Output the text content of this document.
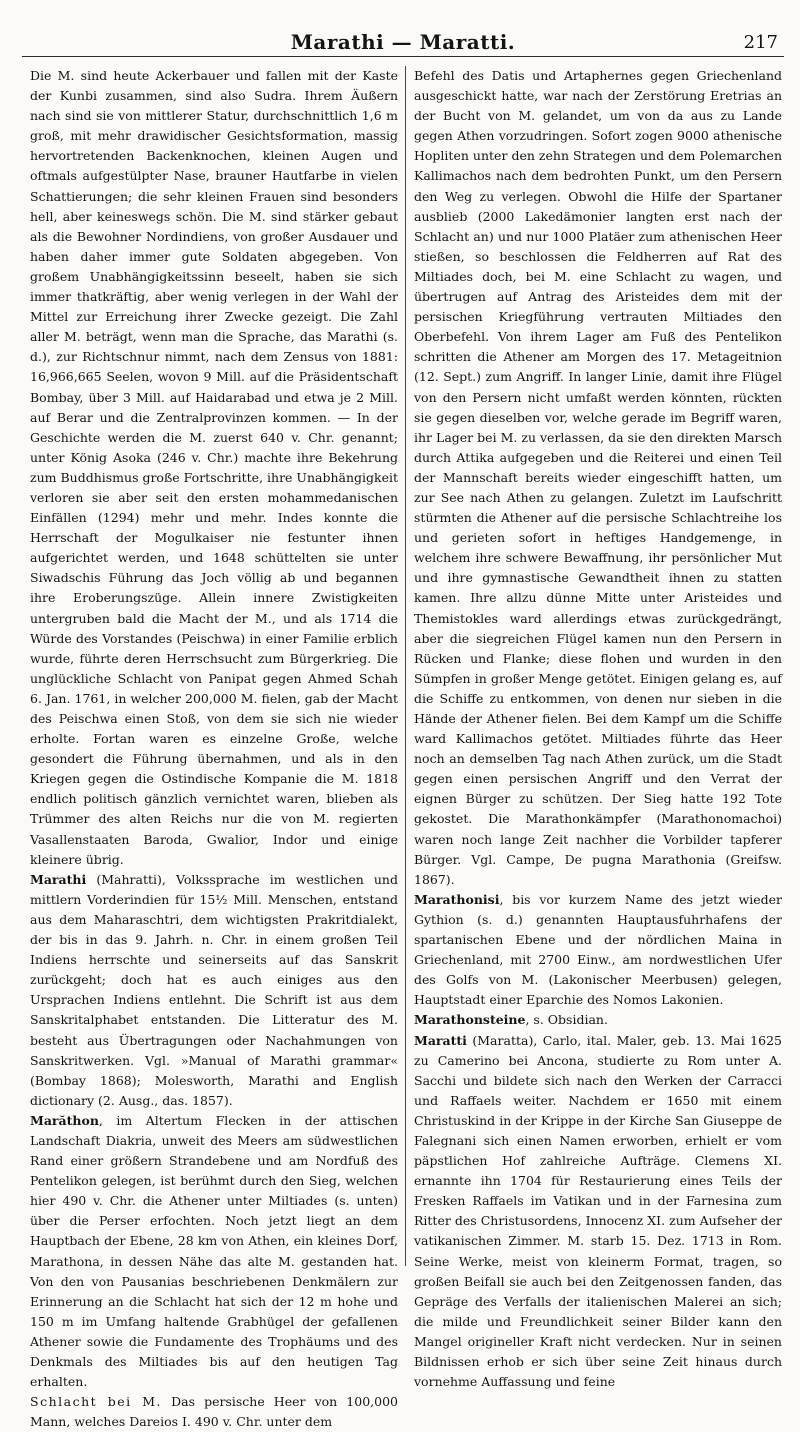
Marathi — Maratti.	217

Die M. sind heute Ackerbauer und fallen mit der Kaste der Kunbi zusammen, sind also Sudra. Ihrem Äußern nach sind sie von mittlerer Statur, durchschnittlich 1,6 m groß, mit mehr drawidischer Gesichtsformation, massig hervortretenden Backenknochen, kleinen Augen und oftmals aufgestülpter Nase, brauner Hautfarbe in vielen Schattierungen; die sehr kleinen Frauen sind besonders hell, aber keineswegs schön. Die M. sind stärker gebaut als die Bewohner Nordindiens, von großer Ausdauer und haben daher immer gute Soldaten abgegeben. Von großem Unabhängigkeitssinn beseelt, haben sie sich immer thatkräftig, aber wenig verlegen in der Wahl der Mittel zur Erreichung ihrer Zwecke gezeigt. Die Zahl aller M. beträgt, wenn man die Sprache, das Marathi (s. d.), zur Richtschnur nimmt, nach dem Zensus von 1881: 16,966,665 Seelen, wovon 9 Mill. auf die Präsidentschaft Bombay, über 3 Mill. auf Haidarabad und etwa je 2 Mill. auf Berar und die Zentralprovinzen kommen. — In der Geschichte werden die M. zuerst 640 v. Chr. genannt; unter König Asoka (246 v. Chr.) machte ihre Bekehrung zum Buddhismus große Fortschritte, ihre Unabhängigkeit verloren sie aber seit den ersten mohammedanischen Einfällen (1294) mehr und mehr. Indes konnte die Herrschaft der Mogulkaiser nie festunter ihnen aufgerichtet werden, und 1648 schüttelten sie unter Siwadschis Führung das Joch völlig ab und begannen ihre Eroberungszüge. Allein innere Zwistigkeiten untergruben bald die Macht der M., und als 1714 die Würde des Vorstandes (Peischwa) in einer Familie erblich wurde, führte deren Herrschsucht zum Bürgerkrieg. Die unglückliche Schlacht von Panipat gegen Ahmed Schah 6. Jan. 1761, in welcher 200,000 M. fielen, gab der Macht des Peischwa einen Stoß, von dem sie sich nie wieder erholte. Fortan waren es einzelne Große, welche gesondert die Führung übernahmen, und als in den Kriegen gegen die Ostindische Kompanie die M. 1818 endlich politisch gänzlich vernichtet waren, blieben als Trümmer des alten Reichs nur die von M. regierten Vasallenstaaten Baroda, Gwalior, Indor und einige kleinere übrig.

Marathi (Mahratti), Volkssprache im westlichen und mittlern Vorderindien für 15½ Mill. Menschen, entstand aus dem Maharaschtri, dem wichtigsten Prakritdialekt, der bis in das 9. Jahrh. n. Chr. in einem großen Teil Indiens herrschte und seinerseits auf das Sanskrit zurückgeht; doch hat es auch einiges aus den Ursprachen Indiens entlehnt. Die Schrift ist aus dem Sanskritalphabet entstanden. Die Litteratur des M. besteht aus Übertragungen oder Nachahmungen von Sanskritwerken. Vgl. »Manual of Marathi grammar« (Bombay 1868); Molesworth, Marathi and English dictionary (2. Ausg., das. 1857).

Marăthon, im Altertum Flecken in der attischen Landschaft Diakria, unweit des Meers am südwestlichen Rand einer größern Strandebene und am Nordfuß des Pentelikon gelegen, ist berühmt durch den Sieg, welchen hier 490 v. Chr. die Athener unter Miltiades (s. unten) über die Perser erfochten. Noch jetzt liegt an dem Hauptbach der Ebene, 28 km von Athen, ein kleines Dorf, Marathona, in dessen Nähe das alte M. gestanden hat. Von den von Pausanias beschriebenen Denkmälern zur Erinnerung an die Schlacht hat sich der 12 m hohe und 150 m im Umfang haltende Grabhügel der gefallenen Athener sowie die Fundamente des Trophäums und des Denkmals des Miltiades bis auf den heutigen Tag erhalten.

Schlacht bei M. Das persische Heer von 100,000 Mann, welches Dareios I. 490 v. Chr. unter dem

Befehl des Datis und Artaphernes gegen Griechenland ausgeschickt hatte, war nach der Zerstörung Eretrias an der Bucht von M. gelandet, um von da aus zu Lande gegen Athen vorzudringen. Sofort zogen 9000 athenische Hopliten unter den zehn Strategen und dem Polemarchen Kallimachos nach dem bedrohten Punkt, um den Persern den Weg zu verlegen. Obwohl die Hilfe der Spartaner ausblieb (2000 Lakedämonier langten erst nach der Schlacht an) und nur 1000 Platäer zum athenischen Heer stießen, so beschlossen die Feldherren auf Rat des Miltiades doch, bei M. eine Schlacht zu wagen, und übertrugen auf Antrag des Aristeides dem mit der persischen Kriegführung vertrauten Miltiades den Oberbefehl. Von ihrem Lager am Fuß des Pentelikon schritten die Athener am Morgen des 17. Metageitnion (12. Sept.) zum Angriff. In langer Linie, damit ihre Flügel von den Persern nicht umfaßt werden könnten, rückten sie gegen dieselben vor, welche gerade im Begriff waren, ihr Lager bei M. zu verlassen, da sie den direkten Marsch durch Attika aufgegeben und die Reiterei und einen Teil der Mannschaft bereits wieder eingeschifft hatten, um zur See nach Athen zu gelangen. Zuletzt im Laufschritt stürmten die Athener auf die persische Schlachtreihe los und gerieten sofort in heftiges Handgemenge, in welchem ihre schwere Bewaffnung, ihr persönlicher Mut und ihre gymnastische Gewandtheit ihnen zu statten kamen. Ihre allzu dünne Mitte unter Aristeides und Themistokles ward allerdings etwas zurückgedrängt, aber die siegreichen Flügel kamen nun den Persern in Rücken und Flanke; diese flohen und wurden in den Sümpfen in großer Menge getötet. Einigen gelang es, auf die Schiffe zu entkommen, von denen nur sieben in die Hände der Athener fielen. Bei dem Kampf um die Schiffe ward Kallimachos getötet. Miltiades führte das Heer noch an demselben Tag nach Athen zurück, um die Stadt gegen einen persischen Angriff und den Verrat der eignen Bürger zu schützen. Der Sieg hatte 192 Tote gekostet. Die Marathonkämpfer (Marathonomachoi) waren noch lange Zeit nachher die Vorbilder tapferer Bürger. Vgl. Campe, De pugna Marathonia (Greifsw. 1867).

Marathonisi, bis vor kurzem Name des jetzt wieder Gythion (s. d.) genannten Hauptausfuhrhafens der spartanischen Ebene und der nördlichen Maina in Griechenland, mit 2700 Einw., am nordwestlichen Ufer des Golfs von M. (Lakonischer Meerbusen) gelegen, Hauptstadt einer Eparchie des Nomos Lakonien.

Marathonsteine, s. Obsidian.

Maratti (Maratta), Carlo, ital. Maler, geb. 13. Mai 1625 zu Camerino bei Ancona, studierte zu Rom unter A. Sacchi und bildete sich nach den Werken der Carracci und Raffaels weiter. Nachdem er 1650 mit einem Christuskind in der Krippe in der Kirche San Giuseppe de Falegnani sich einen Namen erworben, erhielt er vom päpstlichen Hof zahlreiche Aufträge. Clemens XI. ernannte ihn 1704 für Restaurierung eines Teils der Fresken Raffaels im Vatikan und in der Farnesina zum Ritter des Christusordens, Innocenz XI. zum Aufseher der vatikanischen Zimmer. M. starb 15. Dez. 1713 in Rom. Seine Werke, meist von kleinerm Format, tragen, so großen Beifall sie auch bei den Zeitgenossen fanden, das Gepräge des Verfalls der italienischen Malerei an sich; die milde und Freundlichkeit seiner Bilder kann den Mangel origineller Kraft nicht verdecken. Nur in seinen Bildnissen erhob er sich über seine Zeit hinaus durch vornehme Auffassung und feine
